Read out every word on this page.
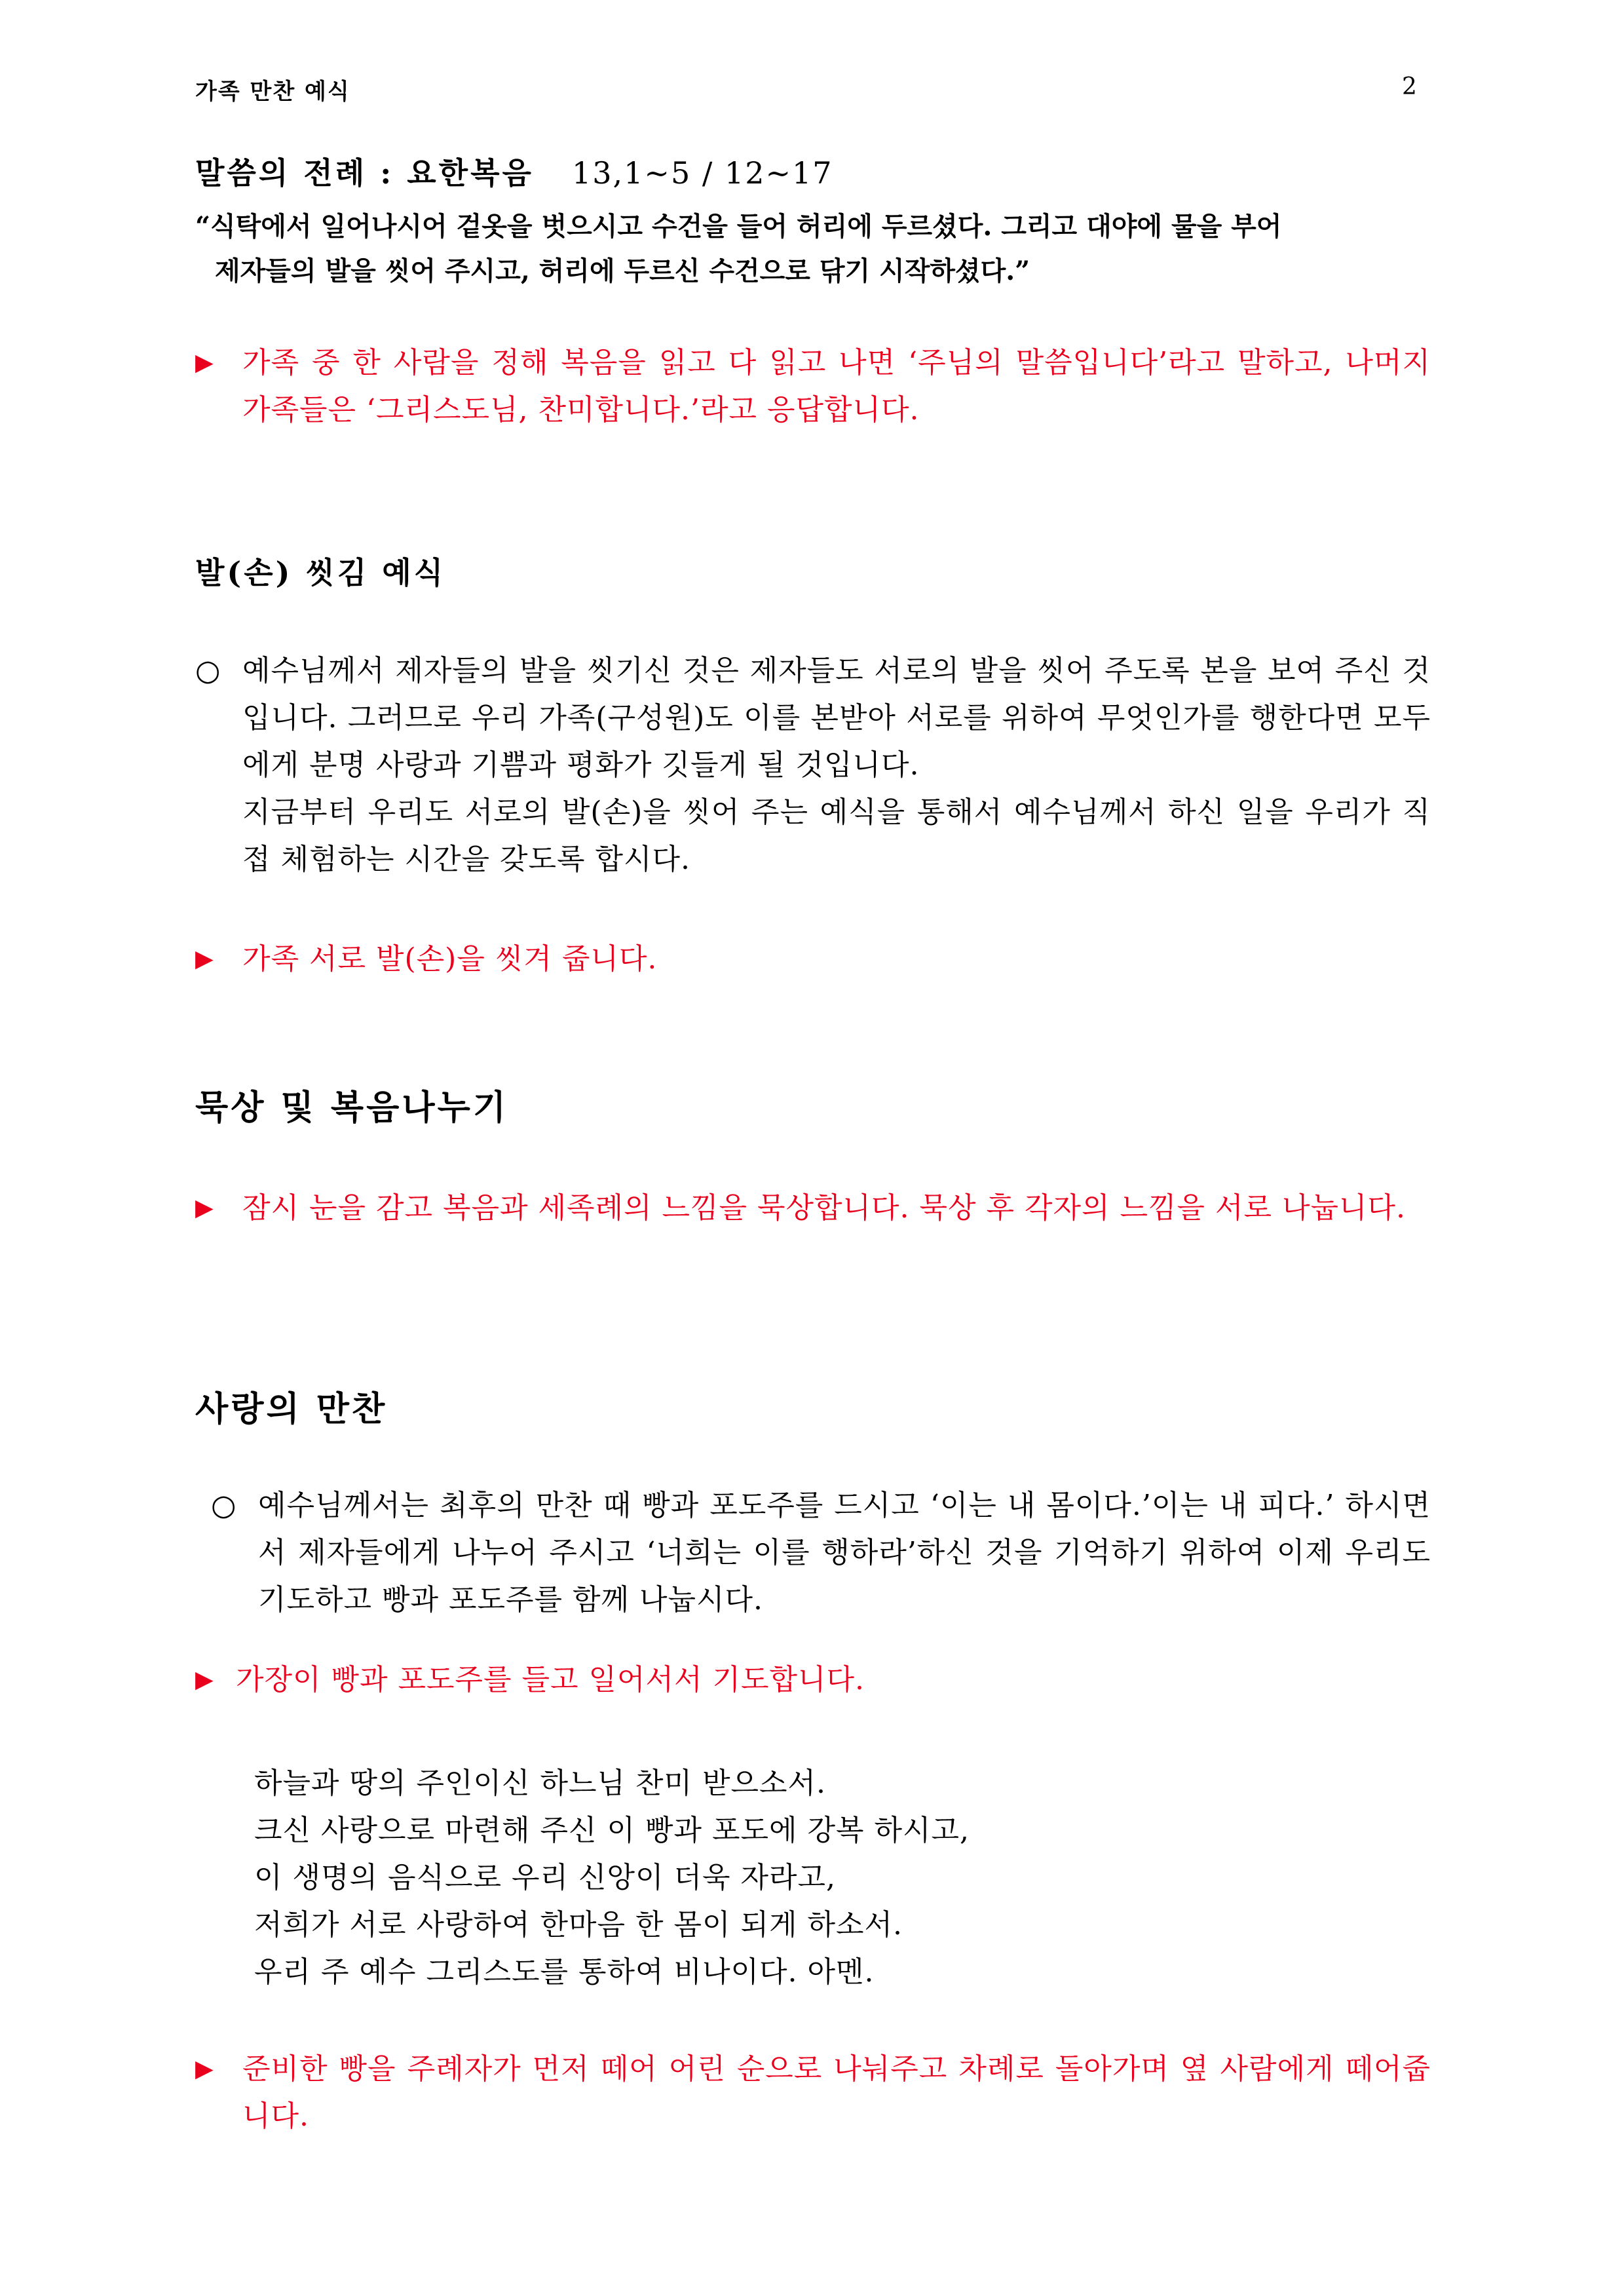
가족 만찬 예식	2
말씀의 전례 : 요한복음 13,1~5 / 12~17
“식탁에서 일어나시어 겉옷을 벗으시고 수건을 들어 허리에 두르셨다. 그리고 대야에 물을 부어
제자들의 발을 씻어 주시고, 허리에 두르신 수건으로 닦기 시작하셨다.”
▶ 가족 중 한 사람을 정해 복음을 읽고 다 읽고 나면 ‘주님의 말씀입니다’라고 말하고, 나머지 가족들은 ‘그리스도님, 찬미합니다.’라고 응답합니다.
발(손) 씻김 예식
○ 예수님께서 제자들의 발을 씻기신 것은 제자들도 서로의 발을 씻어 주도록 본을 보여 주신 것입니다. 그러므로 우리 가족(구성원)도 이를 본받아 서로를 위하여 무엇인가를 행한다면 모두에게 분명 사랑과 기쁨과 평화가 깃들게 될 것입니다.
지금부터 우리도 서로의 발(손)을 씻어 주는 예식을 통해서 예수님께서 하신 일을 우리가 직접 체험하는 시간을 갖도록 합시다.
▶ 가족 서로 발(손)을 씻겨 줍니다.
묵상 및 복음나누기
▶ 잠시 눈을 감고 복음과 세족례의 느낌을 묵상합니다. 묵상 후 각자의 느낌을 서로 나눕니다.
사랑의 만찬
○ 예수님께서는 최후의 만찬 때 빵과 포도주를 드시고 ‘이는 내 몸이다.’이는 내 피다.’ 하시면서 제자들에게 나누어 주시고 ‘너희는 이를 행하라’하신 것을 기억하기 위하여 이제 우리도 기도하고 빵과 포도주를 함께 나눕시다.
▶ 가장이 빵과 포도주를 들고 일어서서 기도합니다.
하늘과 땅의 주인이신 하느님 찬미 받으소서.
크신 사랑으로 마련해 주신 이 빵과 포도에 강복 하시고,
이 생명의 음식으로 우리 신앙이 더욱 자라고,
저희가 서로 사랑하여 한마음 한 몸이 되게 하소서.
우리 주 예수 그리스도를 통하여 비나이다. 아멘.
▶ 준비한 빵을 주례자가 먼저 떼어 어린 순으로 나눠주고 차례로 돌아가며 옆 사람에게 떼어줍니다.
